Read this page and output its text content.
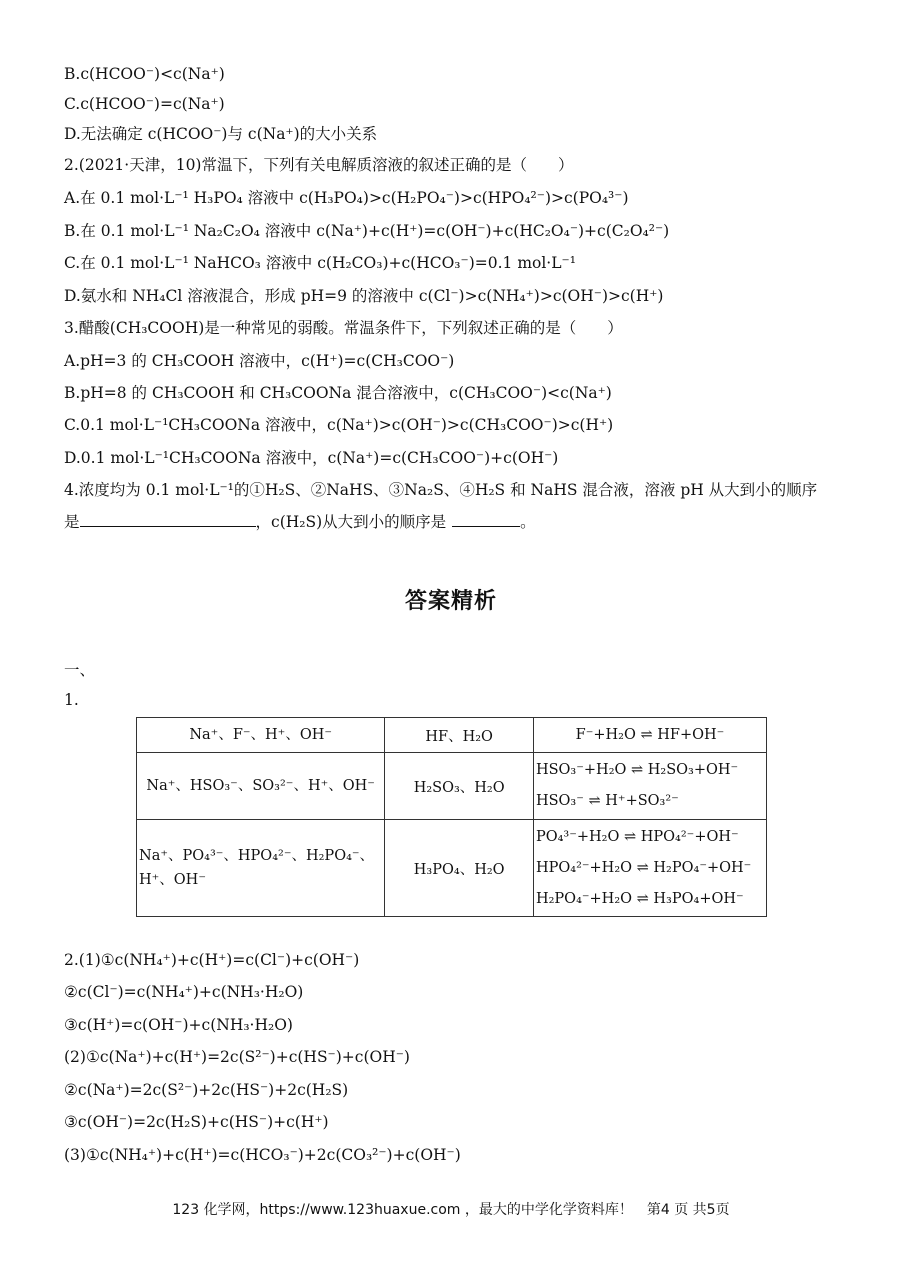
B.c(HCOO⁻)<c(Na⁺)
C.c(HCOO⁻)=c(Na⁺)
D.无法确定 c(HCOO⁻)与 c(Na⁺)的大小关系
2.(2021·天津，10)常温下，下列有关电解质溶液的叙述正确的是（　　）
A.在 0.1 mol·L⁻¹ H₃PO₄ 溶液中 c(H₃PO₄)>c(H₂PO₄⁻)>c(HPO₄²⁻)>c(PO₄³⁻)
B.在 0.1 mol·L⁻¹ Na₂C₂O₄ 溶液中 c(Na⁺)+c(H⁺)=c(OH⁻)+c(HC₂O₄⁻)+c(C₂O₄²⁻)
C.在 0.1 mol·L⁻¹ NaHCO₃ 溶液中 c(H₂CO₃)+c(HCO₃⁻)=0.1 mol·L⁻¹
D.氨水和 NH₄Cl 溶液混合，形成 pH=9 的溶液中 c(Cl⁻)>c(NH₄⁺)>c(OH⁻)>c(H⁺)
3.醋酸(CH₃COOH)是一种常见的弱酸。常温条件下，下列叙述正确的是（　　）
A.pH=3 的 CH₃COOH 溶液中，c(H⁺)=c(CH₃COO⁻)
B.pH=8 的 CH₃COOH 和 CH₃COONa 混合溶液中，c(CH₃COO⁻)<c(Na⁺)
C.0.1 mol·L⁻¹CH₃COONa 溶液中，c(Na⁺)>c(OH⁻)>c(CH₃COO⁻)>c(H⁺)
D.0.1 mol·L⁻¹CH₃COONa 溶液中，c(Na⁺)=c(CH₃COO⁻)+c(OH⁻)
4.浓度均为 0.1 mol·L⁻¹的①H₂S、②NaHS、③Na₂S、④H₂S 和 NaHS 混合液，溶液 pH 从大到小的顺序
是	，c(H₂S)从大到小的顺序是	。
答案精析
一、
1.
Na⁺、F⁻、H⁺、OH⁻	HF、H₂O	F⁻+H₂O ⇌ HF+OH⁻

Na⁺、HSO₃⁻、SO₃²⁻、H⁺、OH⁻	H₂SO₃、H₂O	HSO₃⁻+H₂O ⇌ H₂SO₃+OH⁻
HSO₃⁻ ⇌ H⁺+SO₃²⁻

Na⁺、PO₄³⁻、HPO₄²⁻、H₂PO₄⁻、
H⁺、OH⁻	H₃PO₄、H₂O	PO₄³⁻+H₂O ⇌ HPO₄²⁻+OH⁻
HPO₄²⁻+H₂O ⇌ H₂PO₄⁻+OH⁻
H₂PO₄⁻+H₂O ⇌ H₃PO₄+OH⁻
2.(1)①c(NH₄⁺)+c(H⁺)=c(Cl⁻)+c(OH⁻)
②c(Cl⁻)=c(NH₄⁺)+c(NH₃·H₂O)
③c(H⁺)=c(OH⁻)+c(NH₃·H₂O)
(2)①c(Na⁺)+c(H⁺)=2c(S²⁻)+c(HS⁻)+c(OH⁻)
②c(Na⁺)=2c(S²⁻)+2c(HS⁻)+2c(H₂S)
③c(OH⁻)=2c(H₂S)+c(HS⁻)+c(H⁺)
(3)①c(NH₄⁺)+c(H⁺)=c(HCO₃⁻)+2c(CO₃²⁻)+c(OH⁻)
123 化学网，https://www.123huaxue.com ，最大的中学化学资料库！　第4 页 共5页
